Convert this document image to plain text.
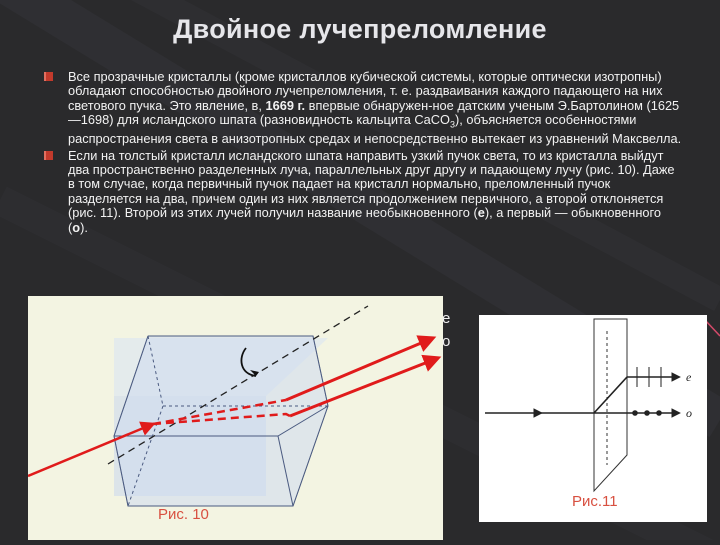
Двойное лучепреломление

Все прозрачные кристаллы (кроме кристаллов кубической системы, которые оптически изотропны) обладают способностью двойного лучепреломления, т. е. раздваивания каждого падающего на них светового пучка. Это явление, в, 1669 г. впервые обнаружен-ное датским ученым Э.Бартолином (1625—1698) для исландского шпата (разновидность кальцита CaCO$_3$), объясняется особенностями распространения света в анизотропных средах и непосредственно вытекает из уравнений Максвелла.

Если на толстый кристалл исландского шпата направить узкий пучок света, то из кристалла выйдут два пространственно разделенных луча, параллельных друг другу и падающему лучу (рис. 10). Даже в том случае, когда первичный пучок падает на кристалл нормально, преломленный пучок разделяется на два, причем один из них является продолжением первичного, а второй отклоняется (рис. 11). Второй из этих лучей получил название необыкновенного (е), а первый — обыкновенного (о).

е
о
Рис. 10
e
o
Рис.11
